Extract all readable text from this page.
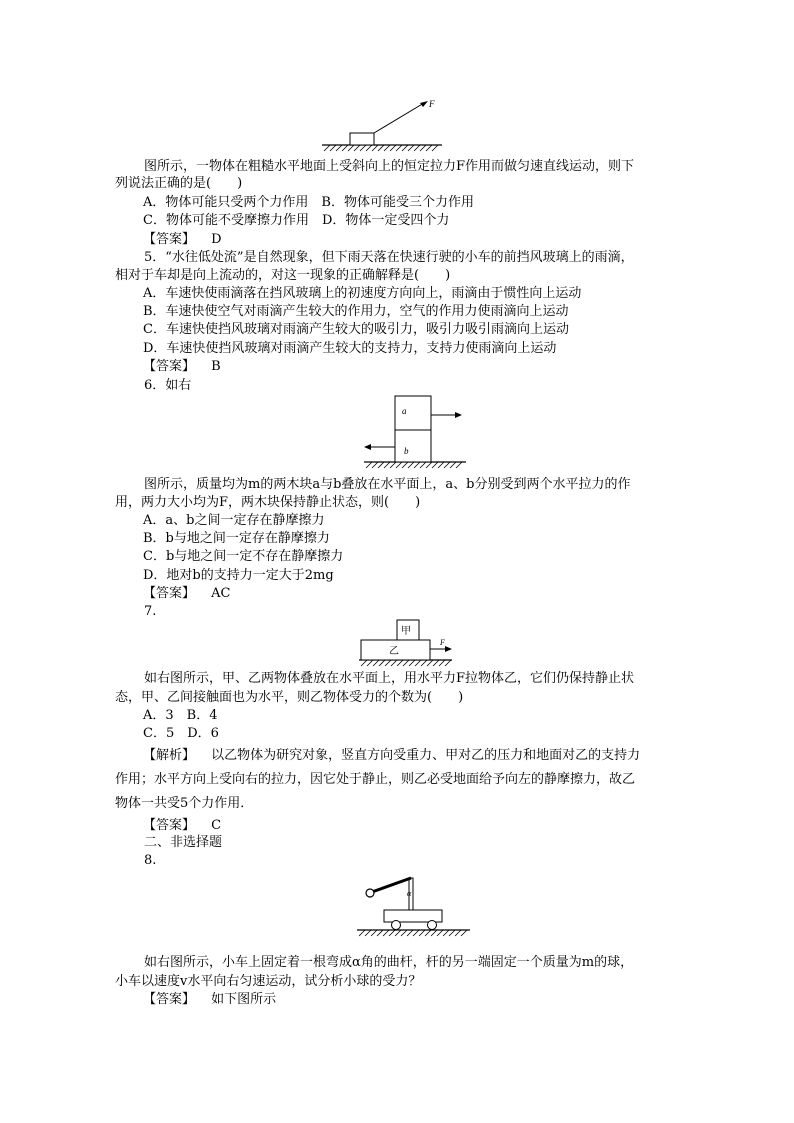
F
图所示，一物体在粗糙水平地面上受斜向上的恒定拉力F作用而做匀速直线运动，则下
列说法正确的是(　　)
A．物体可能只受两个力作用　B．物体可能受三个力作用
C．物体可能不受摩擦力作用　D．物体一定受四个力
【答案】 D
5．“水往低处流”是自然现象，但下雨天落在快速行驶的小车的前挡风玻璃上的雨滴，
相对于车却是向上流动的，对这一现象的正确解释是(　　)
A．车速快使雨滴落在挡风玻璃上的初速度方向向上，雨滴由于惯性向上运动
B．车速快使空气对雨滴产生较大的作用力，空气的作用力使雨滴向上运动
C．车速快使挡风玻璃对雨滴产生较大的吸引力，吸引力吸引雨滴向上运动
D．车速快使挡风玻璃对雨滴产生较大的支持力，支持力使雨滴向上运动
【答案】 B
6．如右
a
b
图所示，质量均为m的两木块a与b叠放在水平面上，a、b分别受到两个水平拉力的作
用，两力大小均为F，两木块保持静止状态，则(　　)
A．a、b之间一定存在静摩擦力
B．b与地之间一定存在静摩擦力
C．b与地之间一定不存在静摩擦力
D．地对b的支持力一定大于2mg
【答案】 AC
7.
甲
乙
F
如右图所示，甲、乙两物体叠放在水平面上，用水平力F拉物体乙，它们仍保持静止状
态，甲、乙间接触面也为水平，则乙物体受力的个数为(　　)
A．3　B．4
C．5　D．6
【解析】 以乙物体为研究对象，竖直方向受重力、甲对乙的压力和地面对乙的支持力
作用；水平方向上受向右的拉力，因它处于静止，则乙必受地面给予向左的静摩擦力，故乙
物体一共受5个力作用．
【答案】 C
二、非选择题
8.
α
如右图所示，小车上固定着一根弯成α角的曲杆，杆的另一端固定一个质量为m的球，
小车以速度v水平向右匀速运动，试分析小球的受力？
【答案】 如下图所示
